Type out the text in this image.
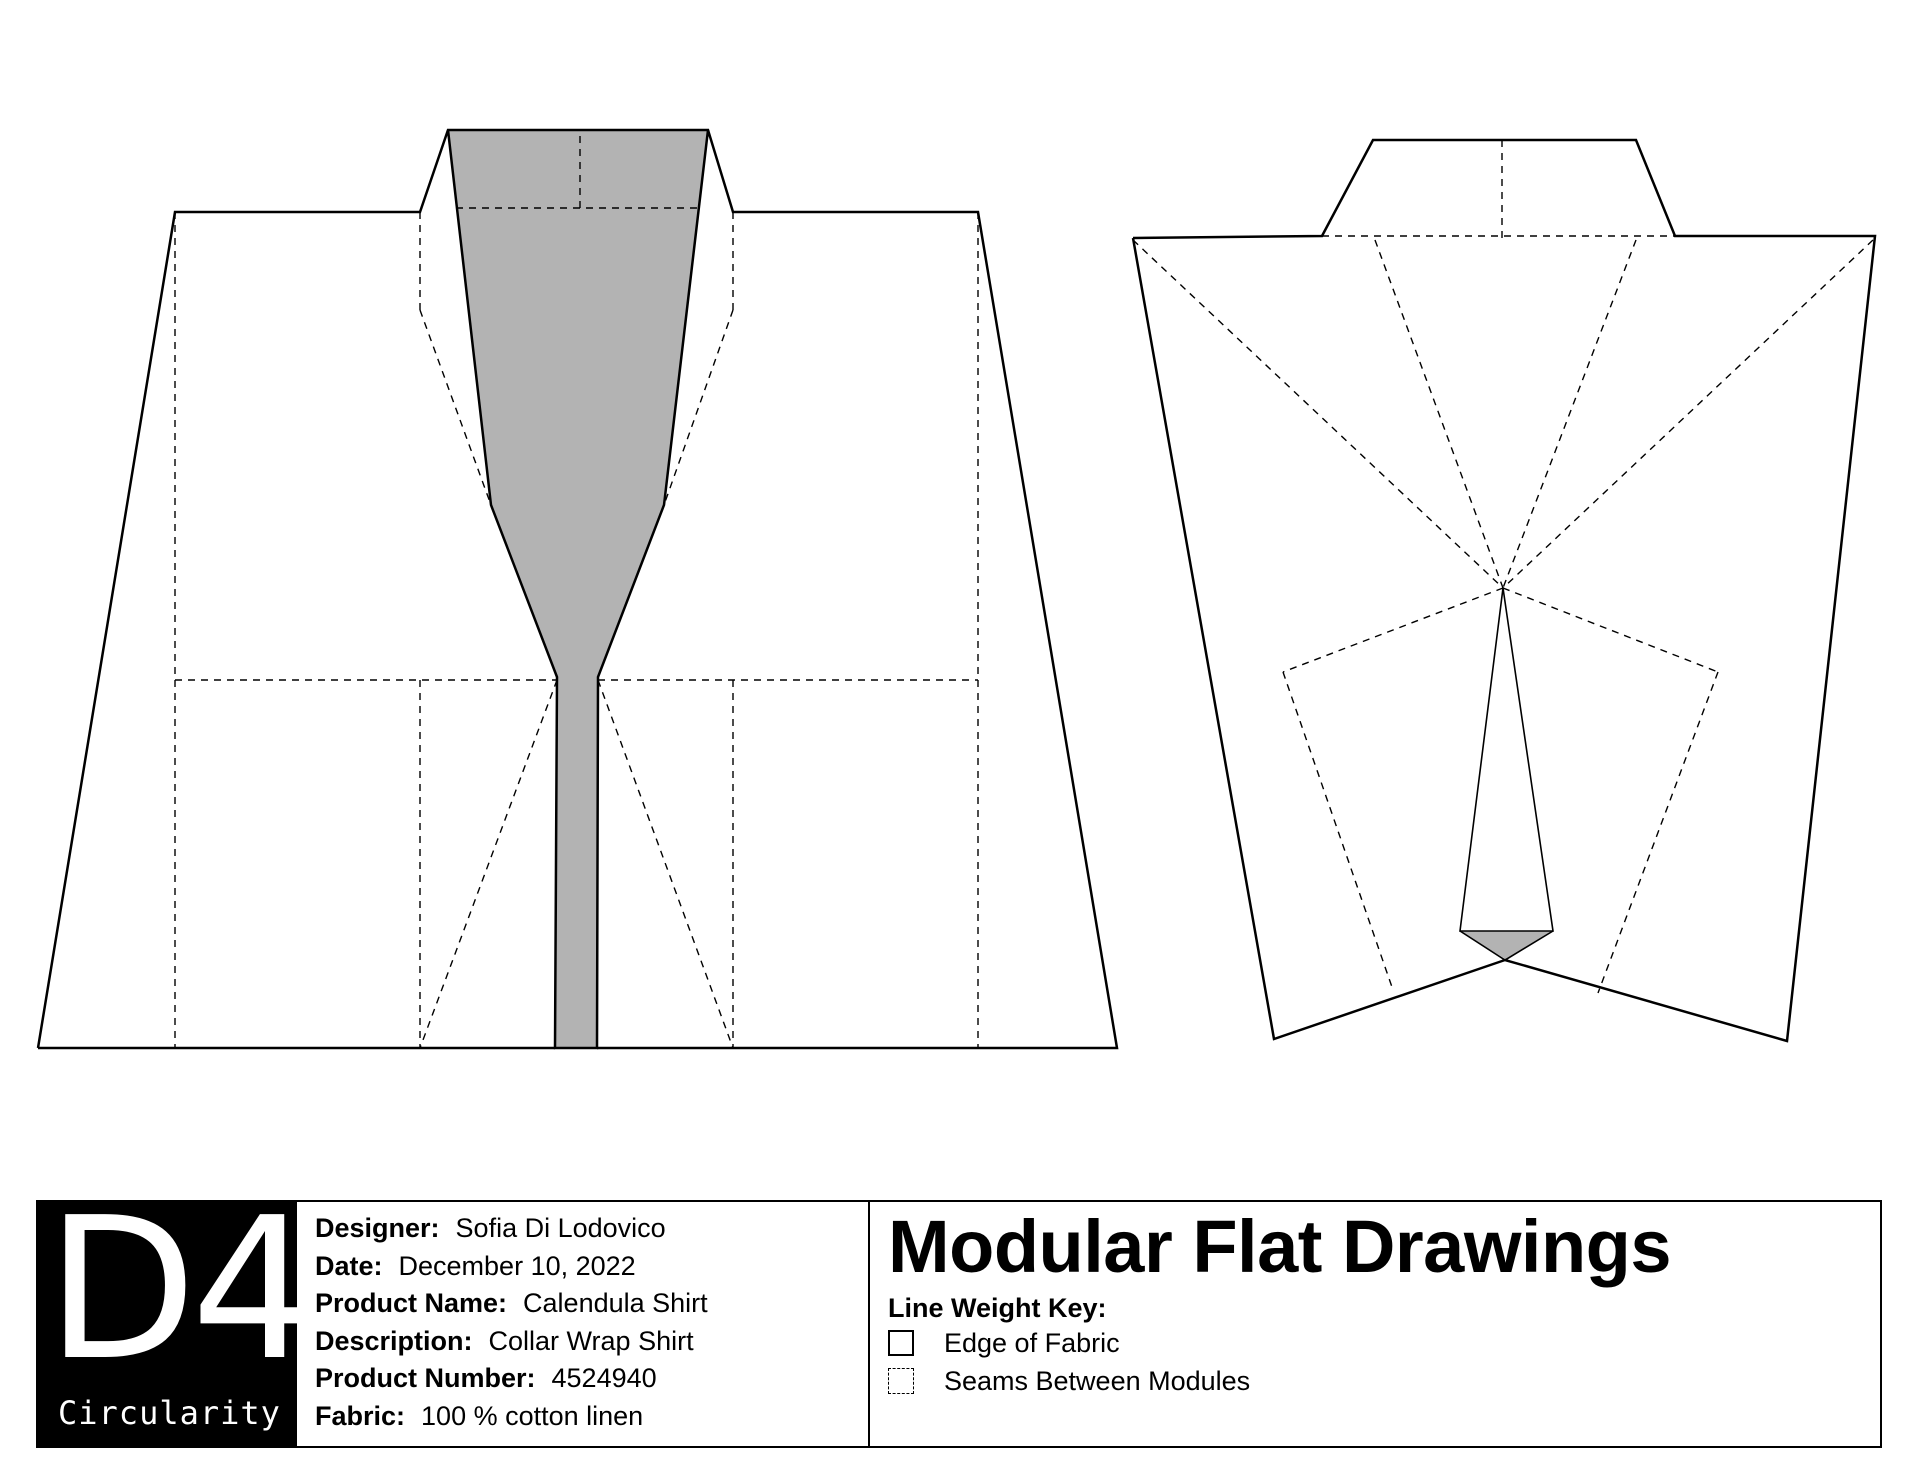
D4
Circularity
Designer: Sofia Di Lodovico
Date: December 10, 2022
Product Name: Calendula Shirt
Description: Collar Wrap Shirt
Product Number: 4524940
Fabric: 100 % cotton linen
Modular Flat Drawings
Line Weight Key:
Edge of Fabric
Seams Between Modules
